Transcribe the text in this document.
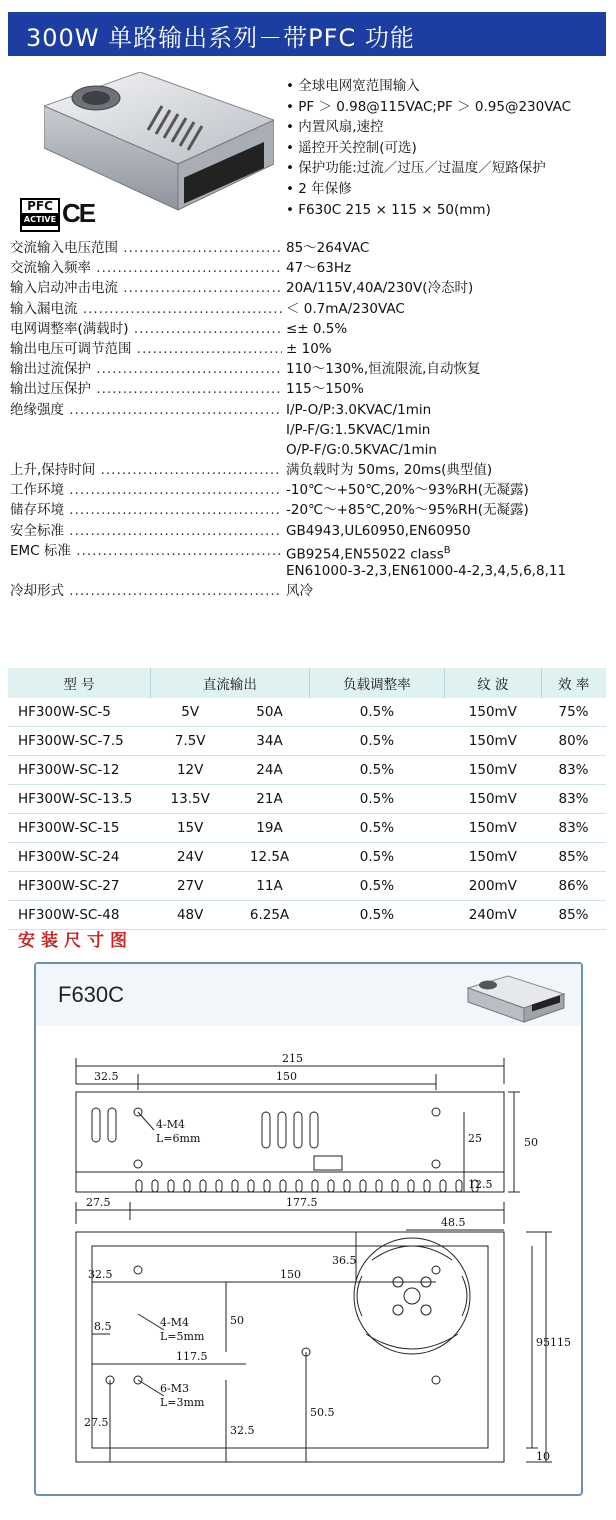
300W 单路输出系列－带PFC 功能
PFC
ACTIVE CE
• 全球电网宽范围输入
• PF ＞ 0.98@115VAC;PF ＞ 0.95@230VAC
• 内置风扇,速控
• 遥控开关控制(可选)
• 保护功能:过流／过压／过温度／短路保护
• 2 年保修
• F630C 215 × 115 × 50(mm)
交流输入电压范围 .....	85～264VAC
交流输入频率 .....	47～63Hz
输入启动冲击电流 .....	20A/115V,40A/230V(冷态时)
输入漏电流 .....	＜ 0.7mA/230VAC
电网调整率(满载时) .....	≤± 0.5%
输出电压可调节范围 .....	± 10%
输出过流保护 .....	110～130%,恒流限流,自动恢复
输出过压保护 .....	115～150%
绝缘强度 .....	I/P-O/P:3.0KVAC/1min
I/P-F/G:1.5KVAC/1min
O/P-F/G:0.5KVAC/1min
上升,保持时间 .....	满负载时为 50ms, 20ms(典型值)
工作环境 .....	-10℃～+50℃,20%～93%RH(无凝露)
储存环境 .....	-20℃～+85℃,20%～95%RH(无凝露)
安全标准 .....	GB4943,UL60950,EN60950
EMC 标准 .....	GB9254,EN55022 class$^B$
EN61000-3-2,3,EN61000-4-2,3,4,5,6,8,11
冷却形式 .....	风冷
型 号	直流输出		负载调整率	纹 波	效 率
HF300W-SC-5	5V	50A	0.5%	150mV	75%
HF300W-SC-7.5	7.5V	34A	0.5%	150mV	80%
HF300W-SC-12	12V	24A	0.5%	150mV	83%
HF300W-SC-13.5	13.5V	21A	0.5%	150mV	83%
HF300W-SC-15	15V	19A	0.5%	150mV	83%
HF300W-SC-24	24V	12.5A	0.5%	150mV	85%
HF300W-SC-27	27V	11A	0.5%	200mV	86%
HF300W-SC-48	48V	6.25A	0.5%	240mV	85%
安装尺寸图
F630C
215
32.5	150
4-M4
L=6mm	25	50
12.5
27.5	177.5
48.5
32.5	150
36.5
4-M4
L=5mm
8.5
117.5
50
27.5
50.5
32.5
6-M3
L=3mm
95 115
10
